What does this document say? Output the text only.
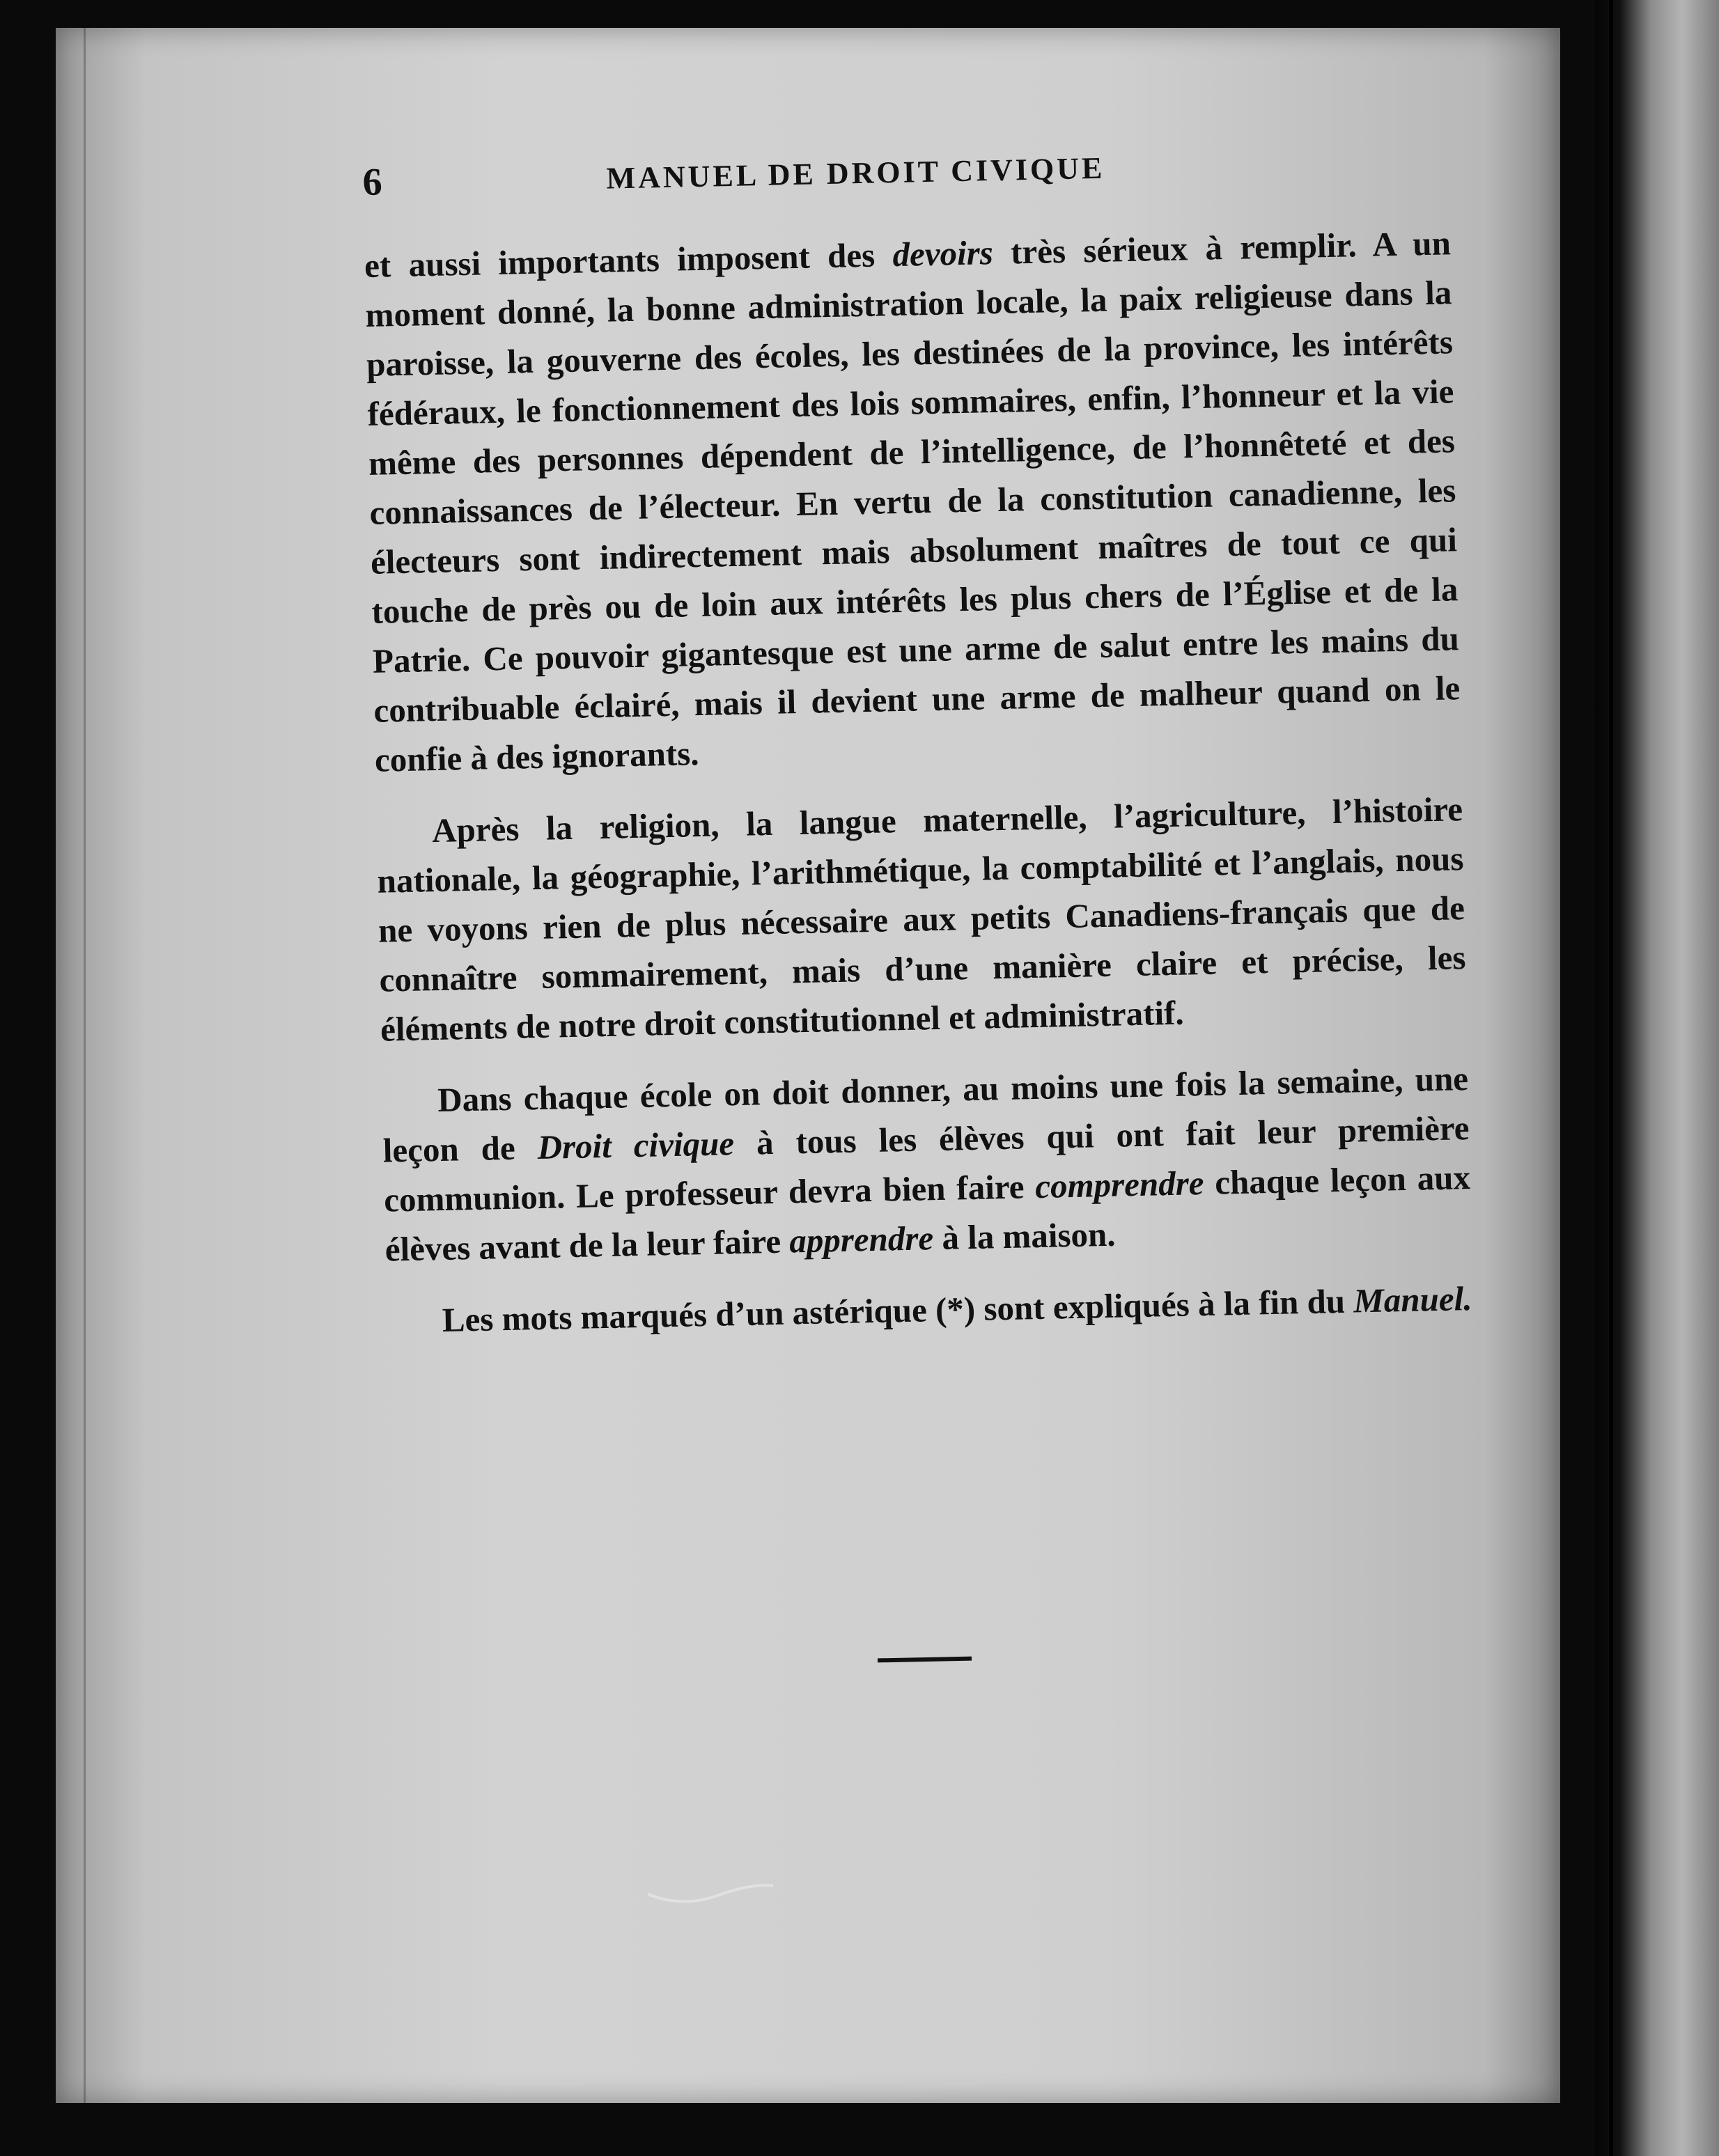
6	MANUEL DE DROIT CIVIQUE

et aussi importants imposent des devoirs très sérieux à remplir. A un moment donné, la bonne administration locale, la paix religieuse dans la paroisse, la gouverne des écoles, les destinées de la province, les intérêts fédéraux, le fonctionnement des lois sommaires, enfin, l’honneur et la vie même des personnes dépendent de l’intelligence, de l’honnêteté et des connaissances de l’électeur. En vertu de la constitution canadienne, les électeurs sont indirectement mais absolument maîtres de tout ce qui touche de près ou de loin aux intérêts les plus chers de l’Église et de la Patrie. Ce pouvoir gigantesque est une arme de salut entre les mains du contribuable éclairé, mais il devient une arme de malheur quand on le confie à des ignorants.

Après la religion, la langue maternelle, l’agriculture, l’histoire nationale, la géographie, l’arithmétique, la comptabilité et l’anglais, nous ne voyons rien de plus nécessaire aux petits Canadiens-français que de connaître sommairement, mais d’une manière claire et précise, les éléments de notre droit constitutionnel et administratif.

Dans chaque école on doit donner, au moins une fois la semaine, une leçon de Droit civique à tous les élèves qui ont fait leur première communion. Le professeur devra bien faire comprendre chaque leçon aux élèves avant de la leur faire apprendre à la maison.

Les mots marqués d’un astérique (*) sont expliqués à la fin du Manuel.
